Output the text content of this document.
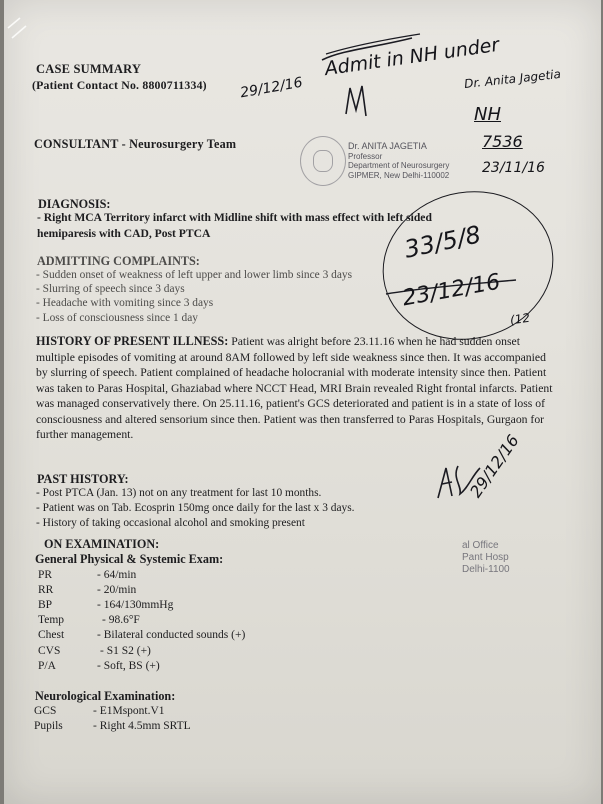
CASE SUMMARY
(Patient Contact No. 8800711334)
CONSULTANT - Neurosurgery Team
29/12/16
Admit in NH under
Dr. Anita Jagetia
NH
7536
23/11/16
Dr. ANITA JAGETIA
Professor
Department of Neurosurgery
GIPMER, New Delhi-110002
DIAGNOSIS:
- Right MCA Territory infarct with Midline shift with mass effect with left sided hemiparesis with CAD, Post PTCA
ADMITTING COMPLAINTS:
- Sudden onset of weakness of left upper and lower limb since 3 days
- Slurring of speech since 3 days
- Headache with vomiting since 3 days
- Loss of consciousness since 1 day
33/5/8
23/12/16
(12
HISTORY OF PRESENT ILLNESS: Patient was alright before 23.11.16 when he had sudden onset multiple episodes of vomiting at around 8AM followed by left side weakness since then. It was accompanied by slurring of speech. Patient complained of headache holocranial with moderate intensity since then. Patient was taken to Paras Hospital, Ghaziabad where NCCT Head, MRI Brain revealed Right frontal infarcts. Patient was managed conservatively there. On 25.11.16, patient's GCS deteriorated and patient is in a state of loss of consciousness and altered sensorium since then. Patient was then transferred to Paras Hospitals, Gurgaon for further management.
PAST HISTORY:
- Post PTCA (Jan. 13) not on any treatment for last 10 months.
- Patient was on Tab. Ecosprin 150mg once daily for the last x 3 days.
- History of taking occasional alcohol and smoking present
29/12/16
al Office
Pant Hosp
Delhi-1100
ON EXAMINATION:
General Physical & Systemic Exam:
PR	- 64/min
RR	- 20/min
BP	- 164/130mmHg
Temp	- 98.6°F
Chest	- Bilateral conducted sounds (+)
CVS	- S1 S2 (+)
P/A	- Soft, BS (+)
Neurological Examination:
GCS	- E1Mspont.V1
Pupils	- Right 4.5mm SRTL
